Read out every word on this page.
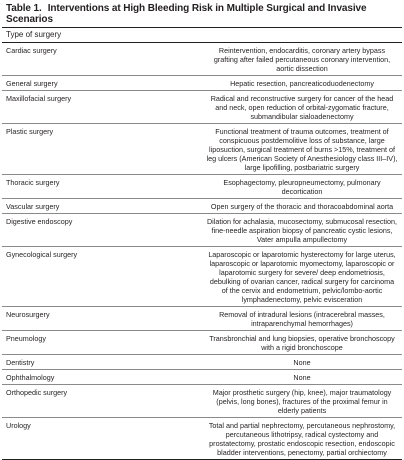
Table 1. Interventions at High Bleeding Risk in Multiple Surgical and Invasive Scenarios
Type of surgery	
Cardiac surgery	Reintervention, endocarditis, coronary artery bypass grafting after failed percutaneous coronary intervention, aortic dissection
General surgery	Hepatic resection, pancreaticoduodenectomy
Maxillofacial surgery	Radical and reconstructive surgery for cancer of the head and neck, open reduction of orbital-zygomatic fracture, submandibular sialoadenectomy
Plastic surgery	Functional treatment of trauma outcomes, treatment of conspicuous postdemolitive loss of substance, large liposuction, surgical treatment of burns >15%, treatment of leg ulcers (American Society of Anesthesiology class III–IV), large lipofilling, postbariatric surgery
Thoracic surgery	Esophagectomy, pleuropneumectomy, pulmonary decortication
Vascular surgery	Open surgery of the thoracic and thoracoabdominal aorta
Digestive endoscopy	Dilation for achalasia, mucosectomy, submucosal resection, fine-needle aspiration biopsy of pancreatic cystic lesions, Vater ampulla ampullectomy
Gynecological surgery	Laparoscopic or laparotomic hysterectomy for large uterus, laparoscopic or laparotomic myomectomy, laparoscopic or laparotomic surgery for severe/ deep endometriosis, debulking of ovarian cancer, radical surgery for carcinoma of the cervix and endometrium, pelvic/lombo-aortic lymphadenectomy, pelvic evisceration
Neurosurgery	Removal of intradural lesions (intracerebral masses, intraparenchymal hemorrhages)
Pneumology	Transbronchial and lung biopsies, operative bronchoscopy with a rigid bronchoscope
Dentistry	None
Ophthalmology	None
Orthopedic surgery	Major prosthetic surgery (hip, knee), major traumatology (pelvis, long bones), fractures of the proximal femur in elderly patients
Urology	Total and partial nephrectomy, percutaneous nephrostomy, percutaneous lithotripsy, radical cystectomy and prostatectomy, prostatic endoscopic resection, endoscopic bladder interventions, penectomy, partial orchiectomy
